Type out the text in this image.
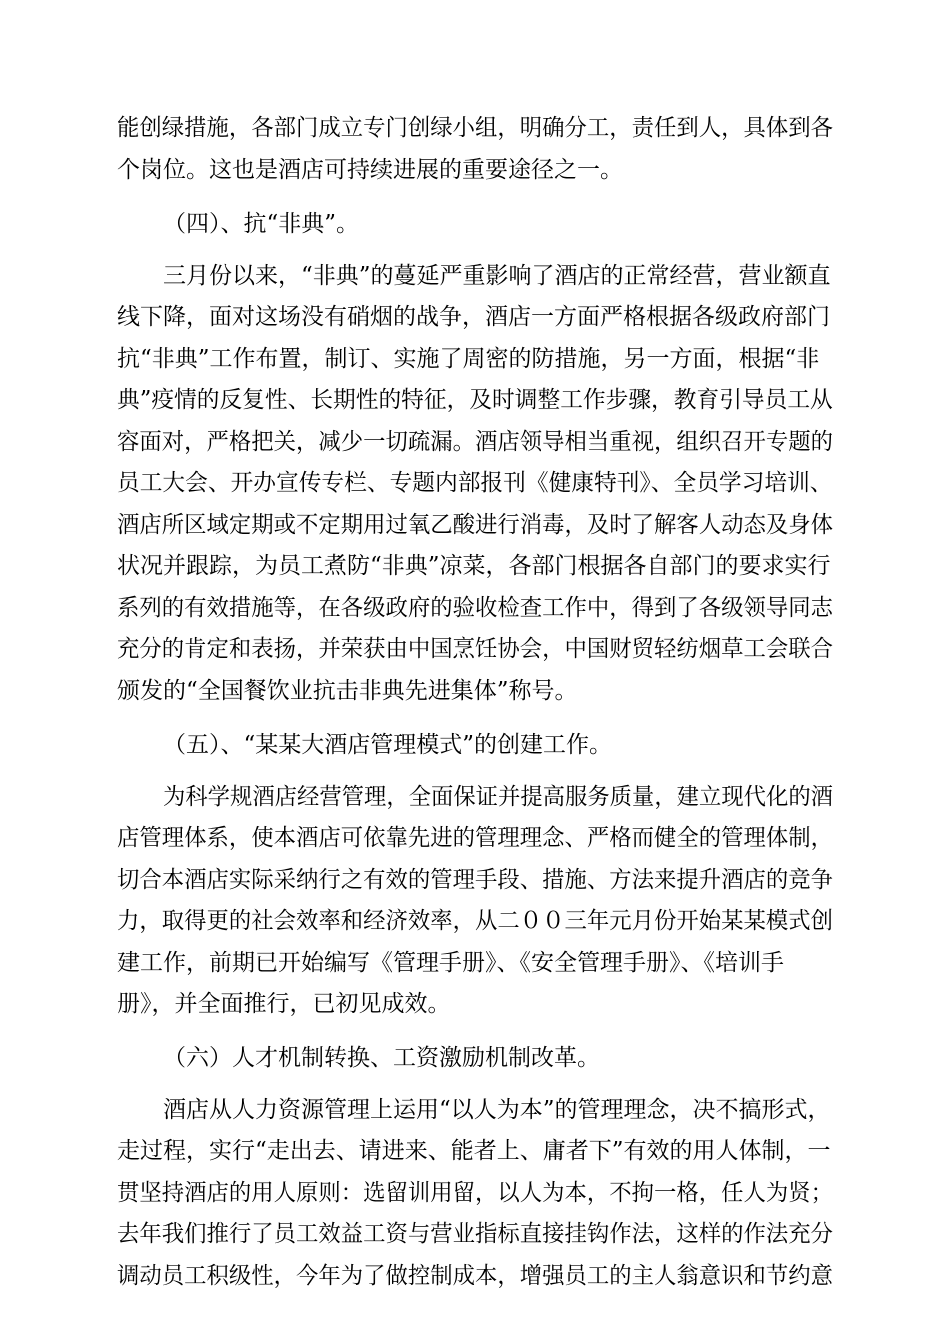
能创绿措施，各部门成立专门创绿小组，明确分工，责任到人，具体到各
个岗位。这也是酒店可持续进展的重要途径之一。
（四）、抗“非典”。
三月份以来，“非典”的蔓延严重影响了酒店的正常经营，营业额直
线下降，面对这场没有硝烟的战争，酒店一方面严格根据各级政府部门
抗“非典”工作布置，制订、实施了周密的防措施，另一方面，根据“非
典”疫情的反复性、长期性的特征，及时调整工作步骤，教育引导员工从
容面对，严格把关，减少一切疏漏。酒店领导相当重视，组织召开专题的
员工大会、开办宣传专栏、专题内部报刊《健康特刊》、全员学习培训、
酒店所区域定期或不定期用过氧乙酸进行消毒，及时了解客人动态及身体
状况并跟踪，为员工煮防“非典”凉菜，各部门根据各自部门的要求实行
系列的有效措施等，在各级政府的验收检查工作中，得到了各级领导同志
充分的肯定和表扬，并荣获由中国烹饪协会，中国财贸轻纺烟草工会联合
颁发的“全国餐饮业抗击非典先进集体”称号。
（五）、“某某大酒店管理模式”的创建工作。
为科学规酒店经营管理，全面保证并提高服务质量，建立现代化的酒
店管理体系，使本酒店可依靠先进的管理理念、严格而健全的管理体制，
切合本酒店实际采纳行之有效的管理手段、措施、方法来提升酒店的竞争
力，取得更的社会效率和经济效率，从二００三年元月份开始某某模式创
建工作，前期已开始编写《管理手册》、《安全管理手册》、《培训手
册》，并全面推行，已初见成效。
（六）人才机制转换、工资激励机制改革。
酒店从人力资源管理上运用“以人为本”的管理理念，决不搞形式，
走过程，实行“走出去、请进来、能者上、庸者下”有效的用人体制，一
贯坚持酒店的用人原则：选留训用留，以人为本，不拘一格，任人为贤；
去年我们推行了员工效益工资与营业指标直接挂钩作法，这样的作法充分
调动员工积级性，今年为了做控制成本，增强员工的主人翁意识和节约意
